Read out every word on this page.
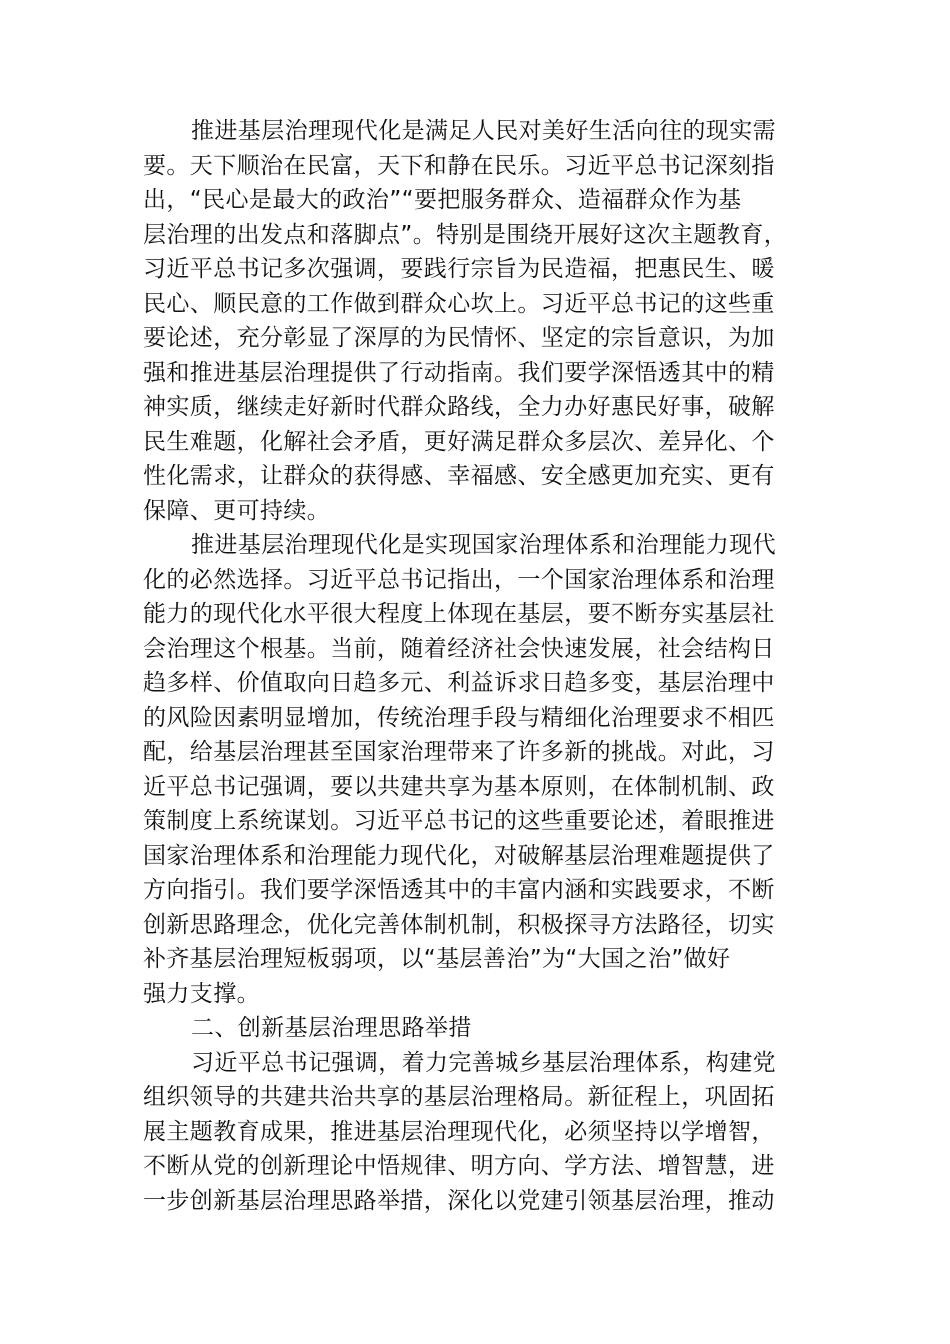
推进基层治理现代化是满足人民对美好生活向往的现实需
要。天下顺治在民富，天下和静在民乐。习近平总书记深刻指
出，“民心是最大的政治”“要把服务群众、造福群众作为基
层治理的出发点和落脚点”。特别是围绕开展好这次主题教育，
习近平总书记多次强调，要践行宗旨为民造福，把惠民生、暖
民心、顺民意的工作做到群众心坎上。习近平总书记的这些重
要论述，充分彰显了深厚的为民情怀、坚定的宗旨意识，为加
强和推进基层治理提供了行动指南。我们要学深悟透其中的精
神实质，继续走好新时代群众路线，全力办好惠民好事，破解
民生难题，化解社会矛盾，更好满足群众多层次、差异化、个
性化需求，让群众的获得感、幸福感、安全感更加充实、更有
保障、更可持续。
推进基层治理现代化是实现国家治理体系和治理能力现代
化的必然选择。习近平总书记指出，一个国家治理体系和治理
能力的现代化水平很大程度上体现在基层，要不断夯实基层社
会治理这个根基。当前，随着经济社会快速发展，社会结构日
趋多样、价值取向日趋多元、利益诉求日趋多变，基层治理中
的风险因素明显增加，传统治理手段与精细化治理要求不相匹
配，给基层治理甚至国家治理带来了许多新的挑战。对此，习
近平总书记强调，要以共建共享为基本原则，在体制机制、政
策制度上系统谋划。习近平总书记的这些重要论述，着眼推进
国家治理体系和治理能力现代化，对破解基层治理难题提供了
方向指引。我们要学深悟透其中的丰富内涵和实践要求，不断
创新思路理念，优化完善体制机制，积极探寻方法路径，切实
补齐基层治理短板弱项，以“基层善治”为“大国之治”做好
强力支撑。
二、创新基层治理思路举措
习近平总书记强调，着力完善城乡基层治理体系，构建党
组织领导的共建共治共享的基层治理格局。新征程上，巩固拓
展主题教育成果，推进基层治理现代化，必须坚持以学增智，
不断从党的创新理论中悟规律、明方向、学方法、增智慧，进
一步创新基层治理思路举措，深化以党建引领基层治理，推动
